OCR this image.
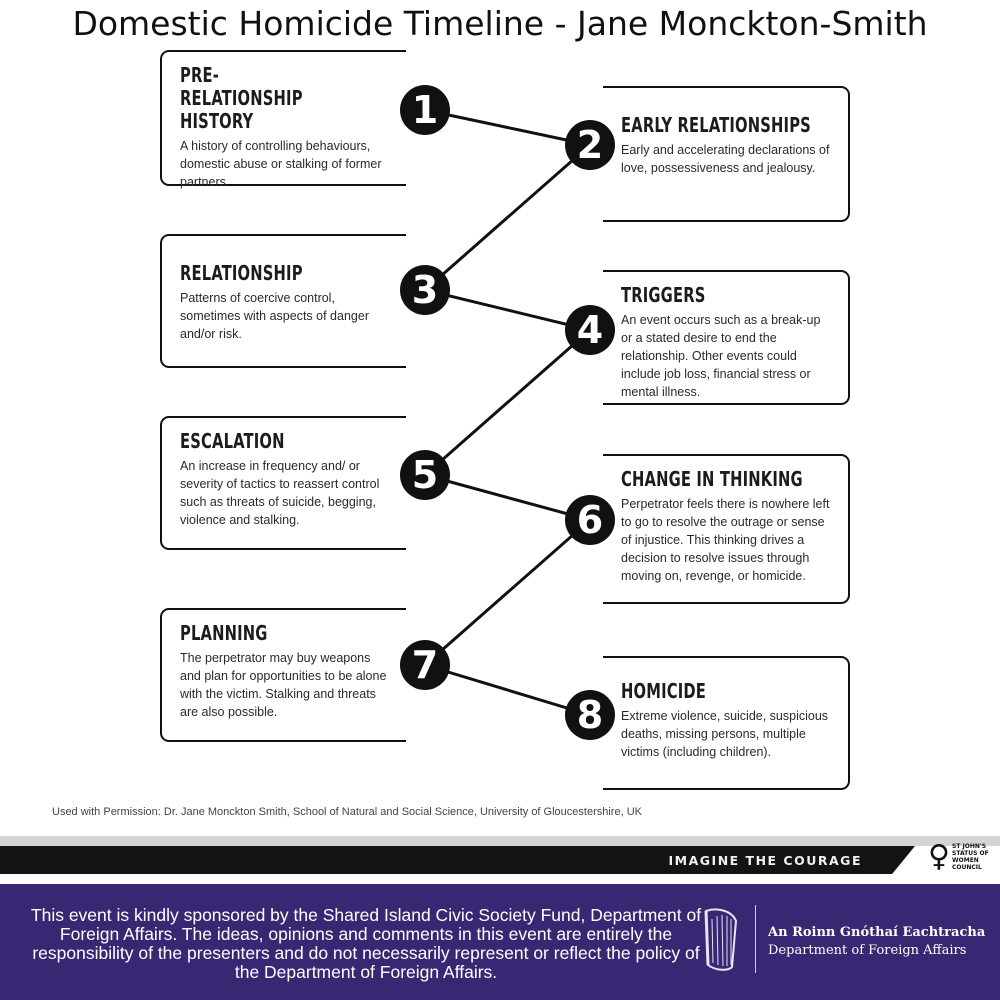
Domestic Homicide Timeline - Jane Monckton-Smith
PRE-RELATIONSHIP HISTORY

A history of controlling behaviours, domestic abuse or stalking of former partners.

RELATIONSHIP

Patterns of coercive control, sometimes with aspects of danger and/or risk.

ESCALATION

An increase in frequency and/ or severity of tactics to reassert control such as threats of suicide, begging, violence and stalking.

PLANNING

The perpetrator may buy weapons and plan for opportunities to be alone with the victim. Stalking and threats are also possible.

EARLY RELATIONSHIPS

Early and accelerating declarations of love, possessiveness and jealousy.

TRIGGERS

An event occurs such as a break-up or a stated desire to end the relationship. Other events could include job loss, financial stress or mental illness.

CHANGE IN THINKING

Perpetrator feels there is nowhere left to go to resolve the outrage or sense of injustice. This thinking drives a decision to resolve issues through moving on, revenge, or homicide.

HOMICIDE

Extreme violence, suicide, suspicious deaths, missing persons, multiple victims (including children).

1
2
3
4
5
6
7
8
Used with Permission: Dr. Jane Monckton Smith, School of Natural and Social Science, University of Gloucestershire, UK
IMAGINE THE COURAGE ♀ ST JOHN'S STATUS OF WOMEN COUNCIL
This event is kindly sponsored by the Shared Island Civic Society Fund, Department of Foreign Affairs. The ideas, opinions and comments in this event are entirely the responsibility of the presenters and do not necessarily represent or reflect the policy of the Department of Foreign Affairs.
An Roinn Gnóthaí Eachtracha
Department of Foreign Affairs
